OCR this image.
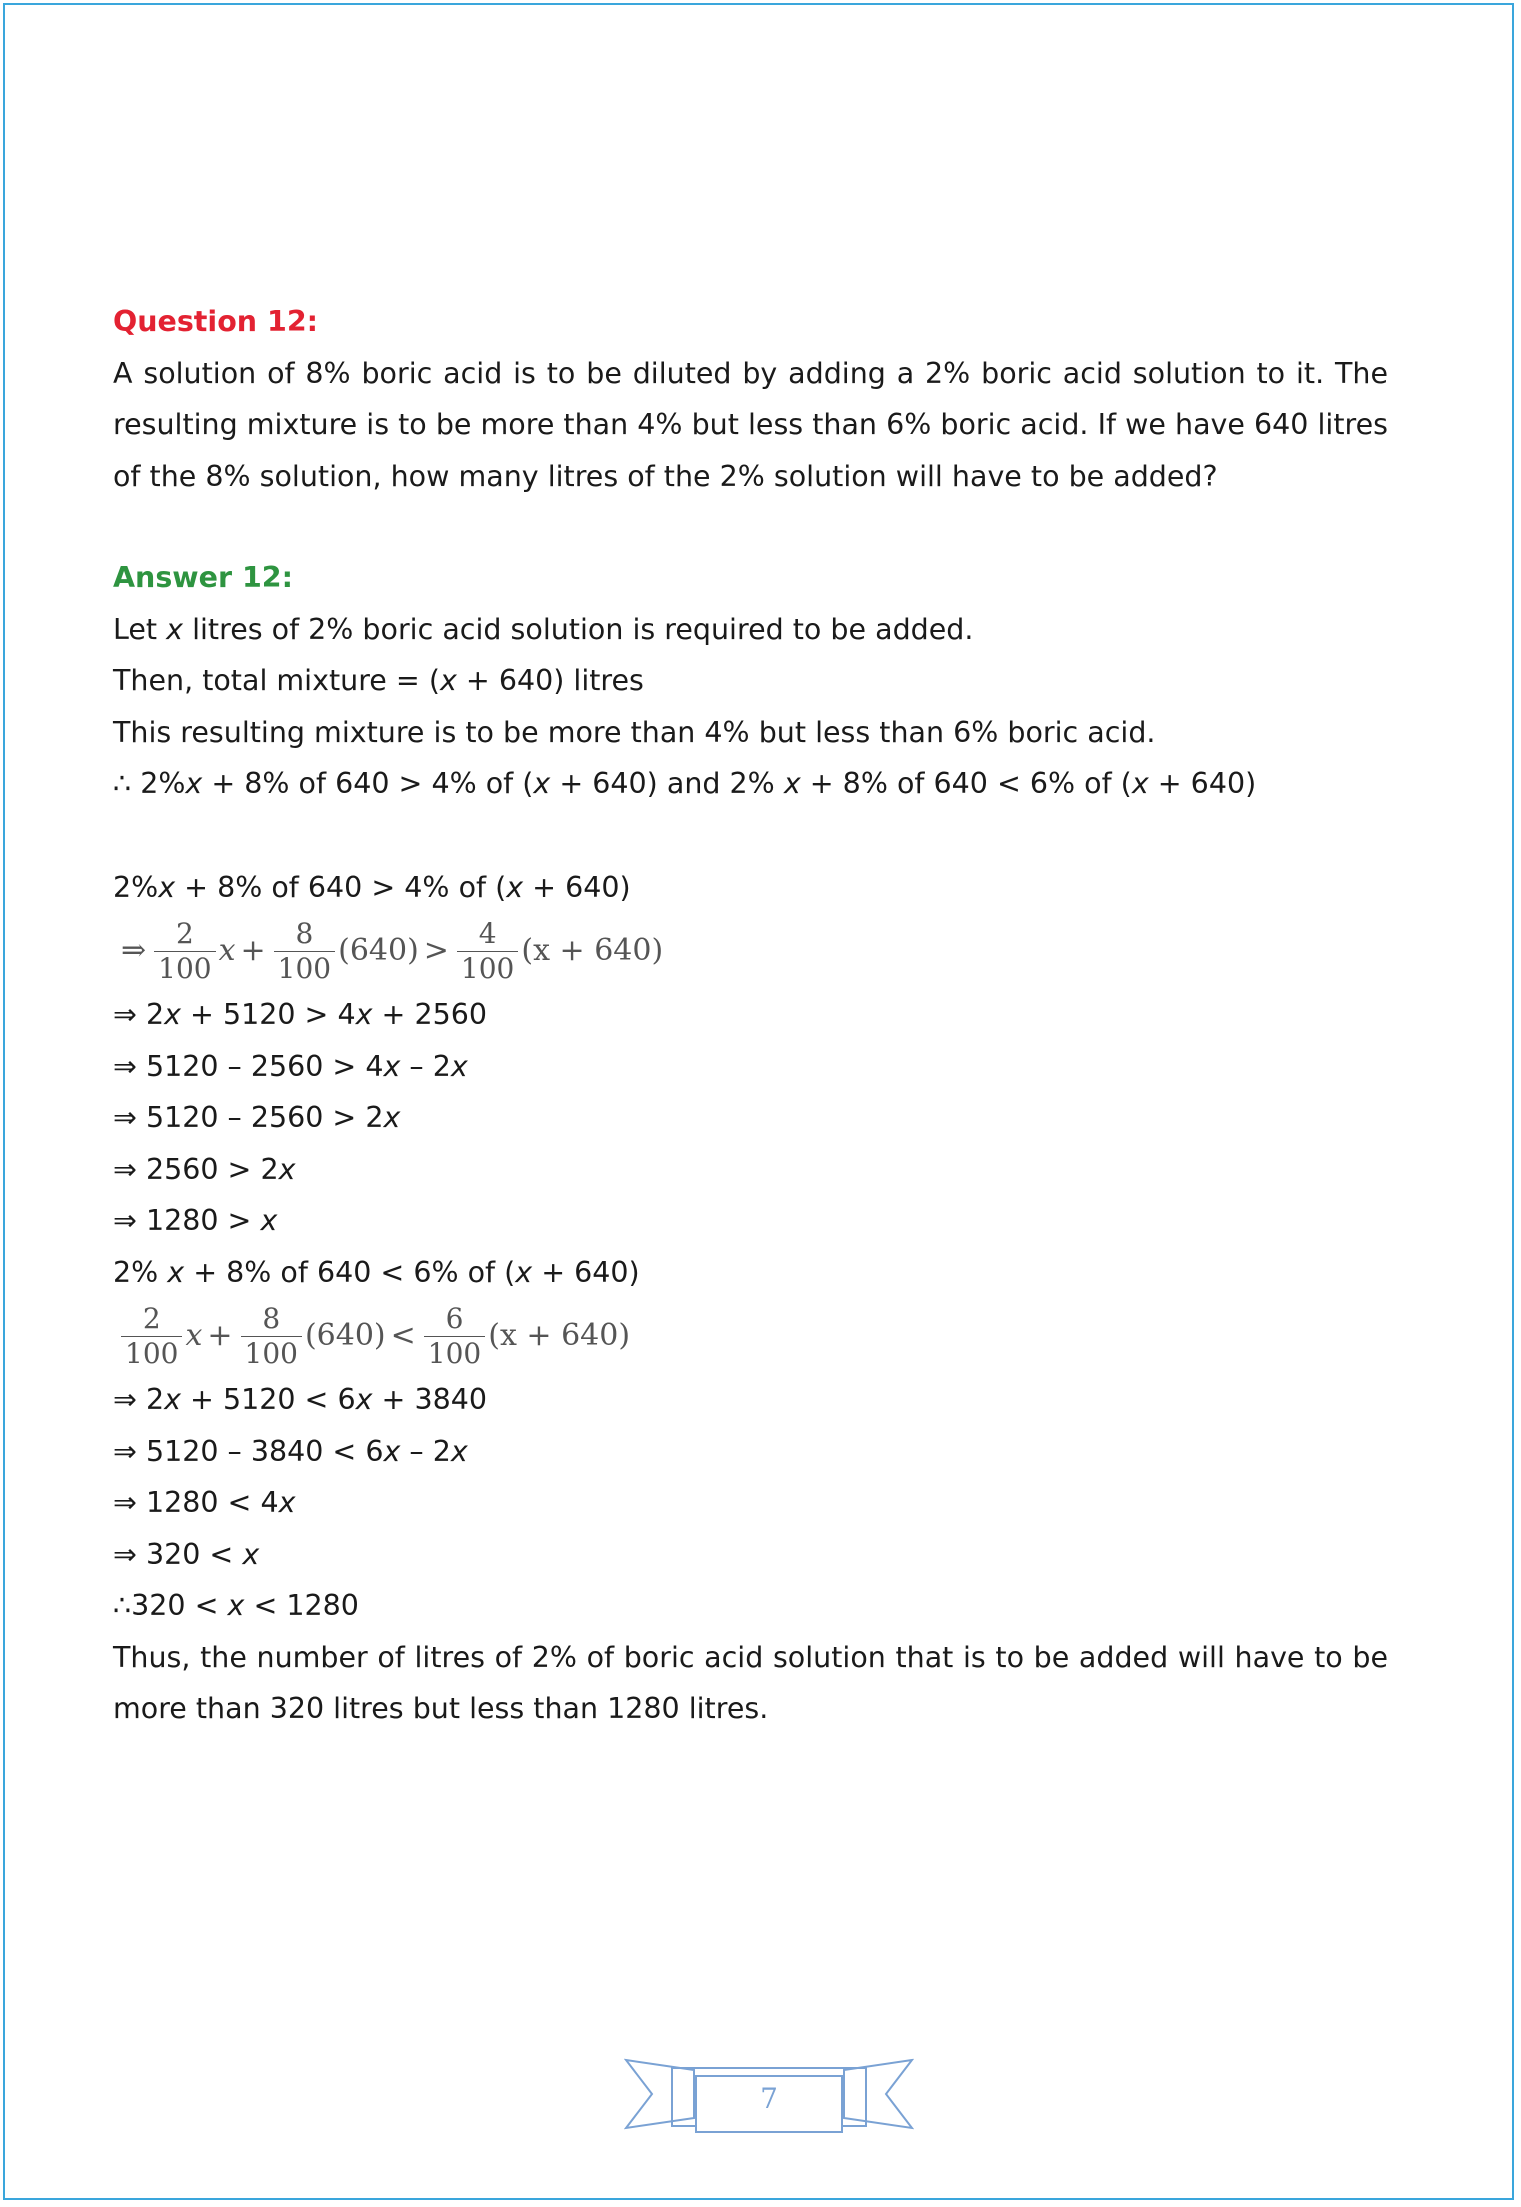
Question 12:
A solution of 8% boric acid is to be diluted by adding a 2% boric acid solution to it. The resulting mixture is to be more than 4% but less than 6% boric acid. If we have 640 litres of the 8% solution, how many litres of the 2% solution will have to be added?
Answer 12:
Let x litres of 2% boric acid solution is required to be added.
Then, total mixture = (x + 640) litres
This resulting mixture is to be more than 4% but less than 6% boric acid.
∴ 2%x + 8% of 640 > 4% of (x + 640) and 2% x + 8% of 640 < 6% of (x + 640)
2%x + 8% of 640 > 4% of (x + 640)
⇒ $\frac{2}{100}$ $x + \frac{8}{100} (640) > \frac{4}{100} (x + 640)$
⇒ 2x + 5120 > 4x + 2560
⇒ 5120 – 2560 > 4x – 2x
⇒ 5120 – 2560 > 2x
⇒ 2560 > 2x
⇒ 1280 > x
2% x + 8% of 640 < 6% of (x + 640)
$\frac{2}{100}$ $x + \frac{8}{100} (640) < \frac{6}{100} (x + 640)$
⇒ 2x + 5120 < 6x + 3840
⇒ 5120 – 3840 < 6x – 2x
⇒ 1280 < 4x
⇒ 320 < x
∴320 < x < 1280
Thus, the number of litres of 2% of boric acid solution that is to be added will have to be more than 320 litres but less than 1280 litres.
7
